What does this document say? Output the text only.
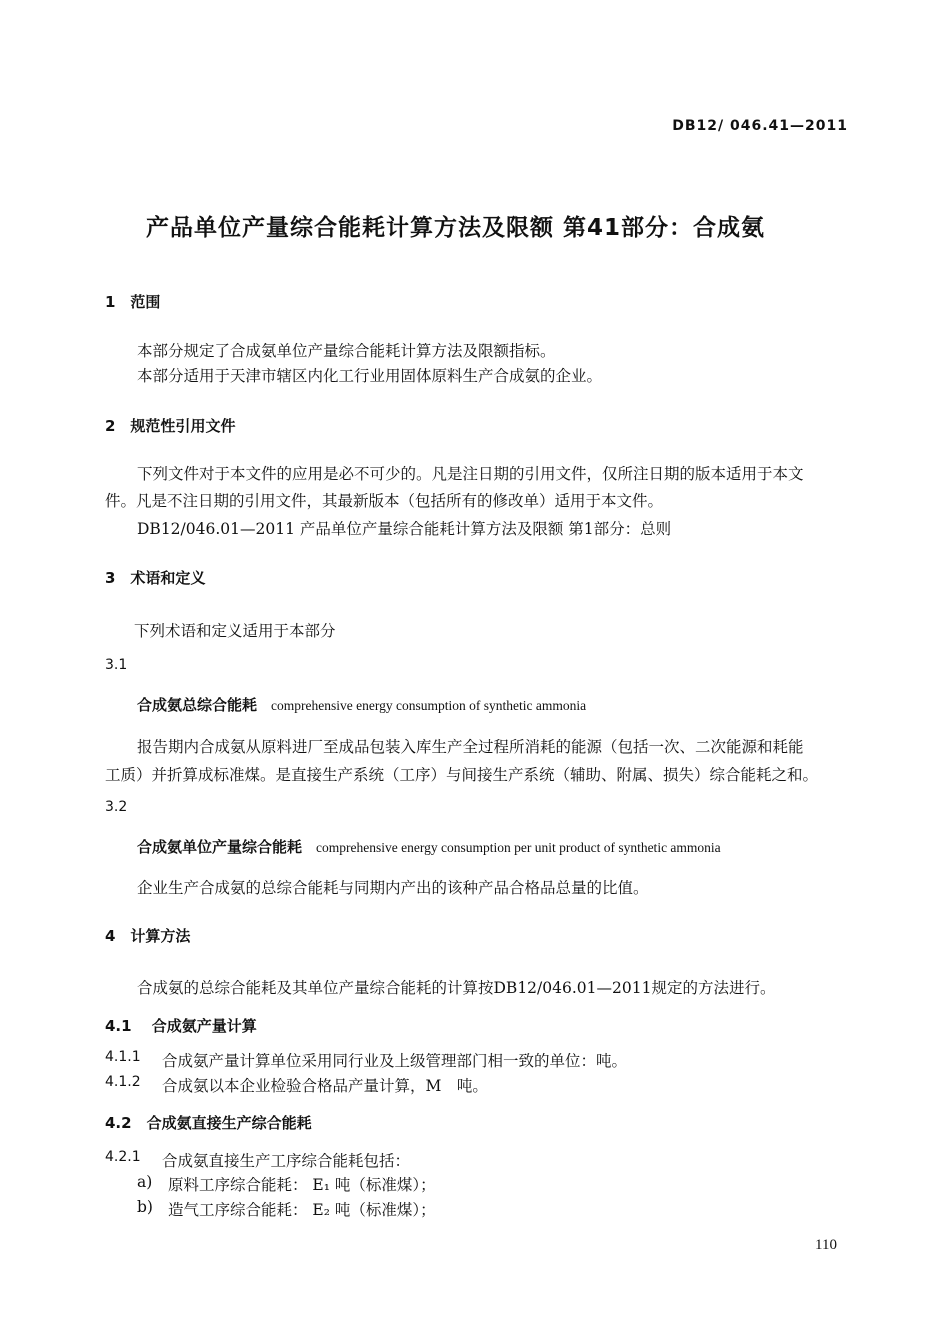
DB12/ 046.41—2011
产品单位产量综合能耗计算方法及限额 第41部分：合成氨
1　范围
本部分规定了合成氨单位产量综合能耗计算方法及限额指标。
本部分适用于天津市辖区内化工行业用固体原料生产合成氨的企业。
2　规范性引用文件
下列文件对于本文件的应用是必不可少的。凡是注日期的引用文件，仅所注日期的版本适用于本文
件。凡是不注日期的引用文件，其最新版本（包括所有的修改单）适用于本文件。
DB12/046.01—2011 产品单位产量综合能耗计算方法及限额 第1部分：总则
3　术语和定义
下列术语和定义适用于本部分
3.1
合成氨总综合能耗 comprehensive energy consumption of synthetic ammonia
报告期内合成氨从原料进厂至成品包装入库生产全过程所消耗的能源（包括一次、二次能源和耗能
工质）并折算成标准煤。是直接生产系统（工序）与间接生产系统（辅助、附属、损失）综合能耗之和。
3.2
合成氨单位产量综合能耗 comprehensive energy consumption per unit product of synthetic ammonia
企业生产合成氨的总综合能耗与同期内产出的该种产品合格品总量的比值。
4　计算方法
合成氨的总综合能耗及其单位产量综合能耗的计算按DB12/046.01—2011规定的方法进行。
4.1　 合成氨产量计算
4.1.1 合成氨产量计算单位采用同行业及上级管理部门相一致的单位：吨。
4.1.2 合成氨以本企业检验合格品产量计算，M　吨。
4.2　合成氨直接生产综合能耗
4.2.1 合成氨直接生产工序综合能耗包括：
a) 原料工序综合能耗： E₁ 吨（标准煤）；
b) 造气工序综合能耗： E₂ 吨（标准煤）；
110
